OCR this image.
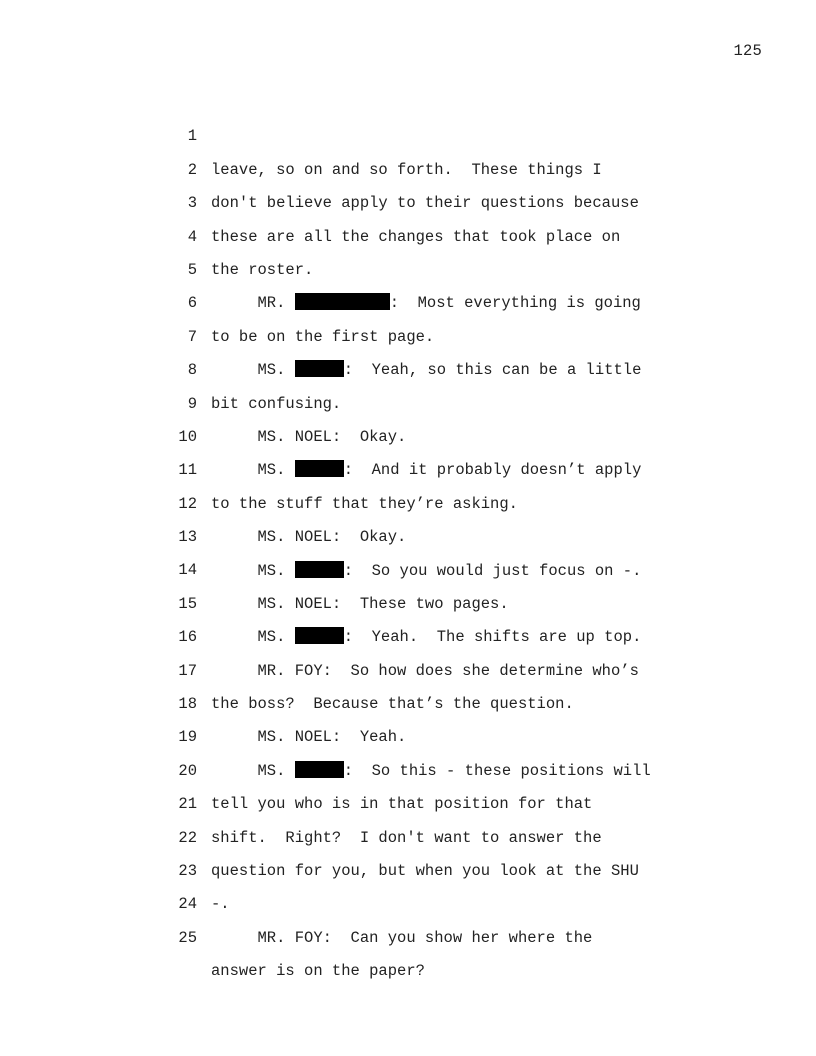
125

1

leave, so on and so forth.  These things I

2

don't believe apply to their questions because

3

these are all the changes that took place on

4

the roster.

5

MR.	:  Most everything is going

6

to be on the first page.

7

MS.	:  Yeah, so this can be a little

8

bit confusing.

9

MS. NOEL:  Okay.

10

MS.	:  And it probably doesn’t apply

11

to the stuff that they’re asking.

12

MS. NOEL:  Okay.

13

MS.	:  So you would just focus on -.

14

MS. NOEL:  These two pages.

15

MS.	:  Yeah.  The shifts are up top.

16

MR. FOY:  So how does she determine who’s

17

the boss?  Because that’s the question.

18

MS. NOEL:  Yeah.

19

MS.	:  So this - these positions will

20

tell you who is in that position for that

21

shift.  Right?  I don't want to answer the

22

question for you, but when you look at the SHU

23

-.

24

MR. FOY:  Can you show her where the

25

answer is on the paper?
